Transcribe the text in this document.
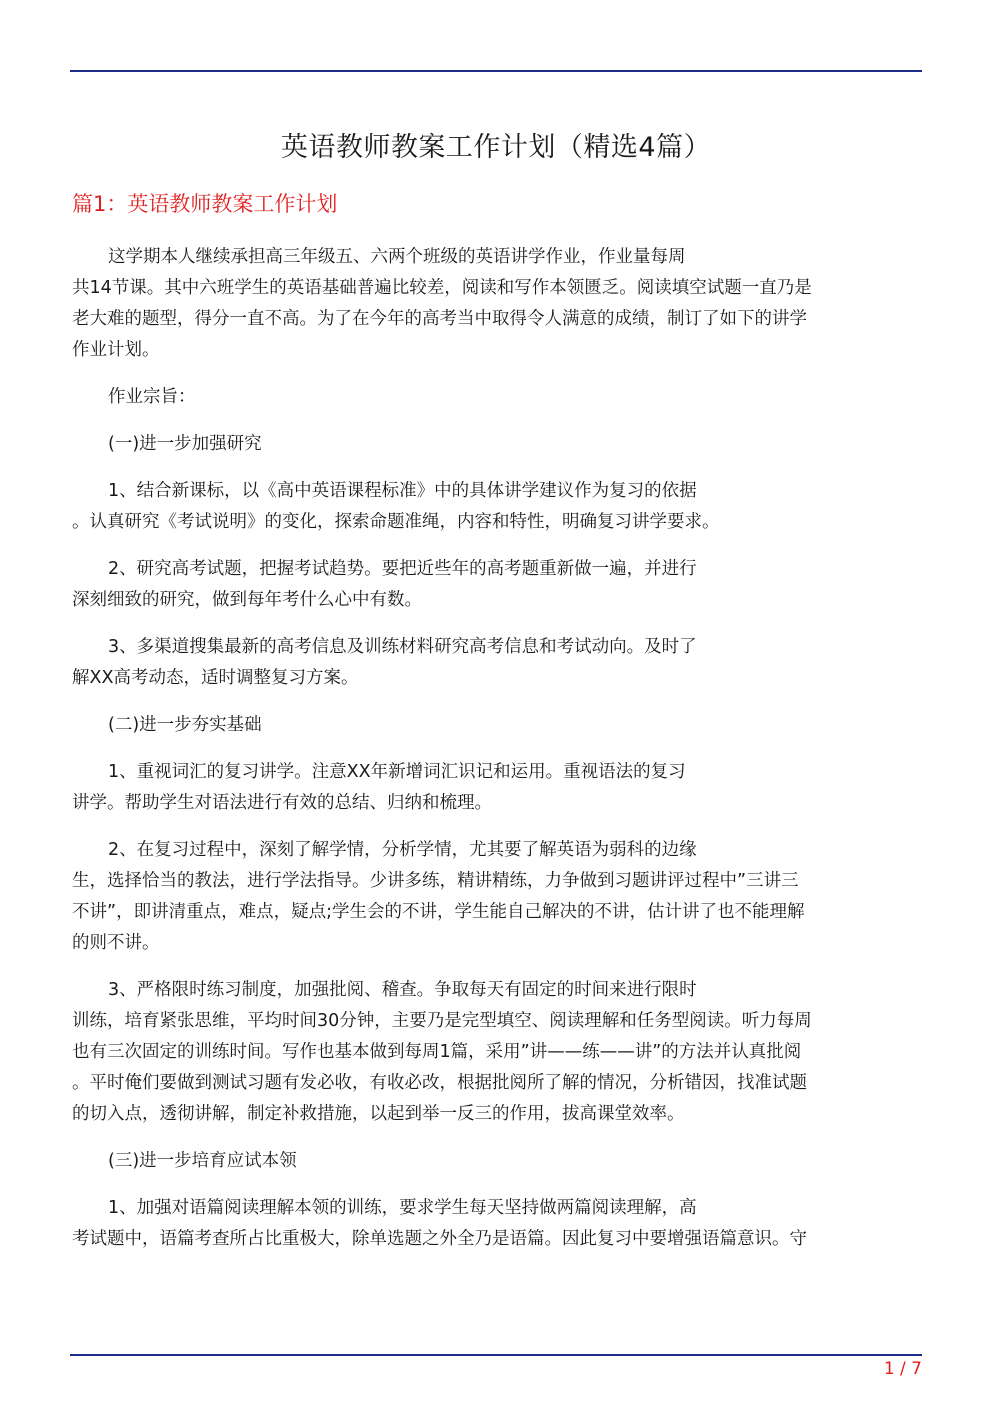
英语教师教案工作计划（精选4篇）
篇1：英语教师教案工作计划
这学期本人继续承担高三年级五、六两个班级的英语讲学作业，作业量每周
共14节课。其中六班学生的英语基础普遍比较差，阅读和写作本领匮乏。阅读填空试题一直乃是
老大难的题型，得分一直不高。为了在今年的高考当中取得令人满意的成绩，制订了如下的讲学
作业计划。
作业宗旨：
(一)进一步加强研究
1、结合新课标，以《高中英语课程标准》中的具体讲学建议作为复习的依据
。认真研究《考试说明》的变化，探索命题准绳，内容和特性，明确复习讲学要求。
2、研究高考试题，把握考试趋势。要把近些年的高考题重新做一遍，并进行
深刻细致的研究，做到每年考什么心中有数。
3、多渠道搜集最新的高考信息及训练材料研究高考信息和考试动向。及时了
解XX高考动态，适时调整复习方案。
(二)进一步夯实基础
1、重视词汇的复习讲学。注意XX年新增词汇识记和运用。重视语法的复习
讲学。帮助学生对语法进行有效的总结、归纳和梳理。
2、在复习过程中，深刻了解学情，分析学情，尤其要了解英语为弱科的边缘
生，选择恰当的教法，进行学法指导。少讲多练，精讲精练，力争做到习题讲评过程中”三讲三
不讲”，即讲清重点，难点，疑点;学生会的不讲，学生能自己解决的不讲，估计讲了也不能理解
的则不讲。
3、严格限时练习制度，加强批阅、稽查。争取每天有固定的时间来进行限时
训练，培育紧张思维，平均时间30分钟，主要乃是完型填空、阅读理解和任务型阅读。听力每周
也有三次固定的训练时间。写作也基本做到每周1篇，采用”讲——练——讲”的方法并认真批阅
。平时俺们要做到测试习题有发必收，有收必改，根据批阅所了解的情况，分析错因，找准试题
的切入点，透彻讲解，制定补救措施，以起到举一反三的作用，拔高课堂效率。
(三)进一步培育应试本领
1、加强对语篇阅读理解本领的训练，要求学生每天坚持做两篇阅读理解，高
考试题中，语篇考查所占比重极大，除单选题之外全乃是语篇。因此复习中要增强语篇意识。守
1 / 7
